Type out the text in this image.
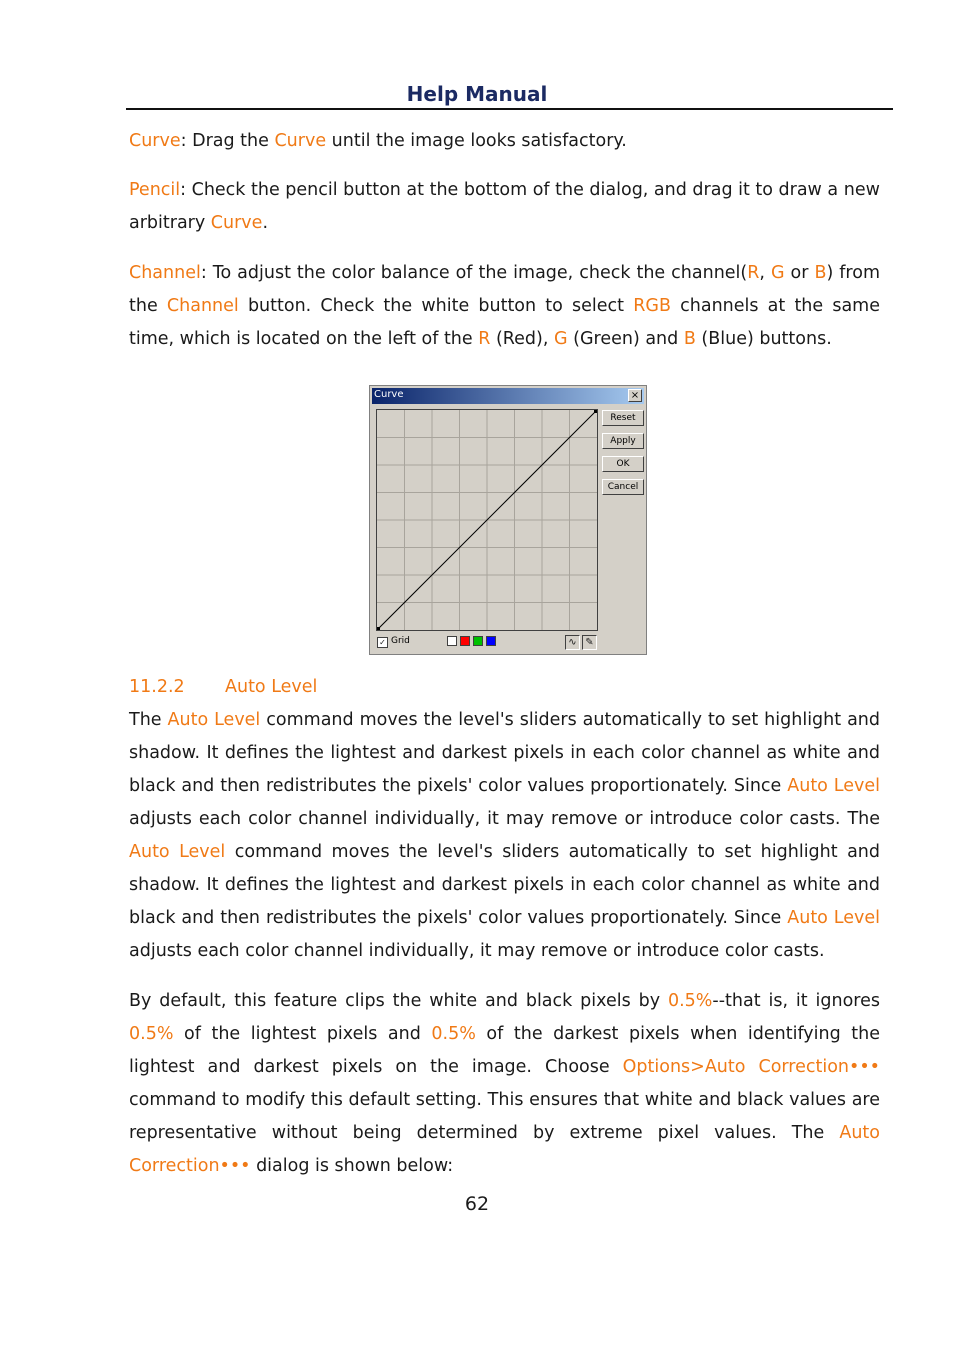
Help Manual

Curve: Drag the Curve until the image looks satisfactory.

Pencil: Check the pencil button at the bottom of the dialog, and drag it to draw a new arbitrary Curve.

Channel: To adjust the color balance of the image, check the channel(R, G or B) from the Channel button. Check the white button to select RGB channels at the same time, which is located on the left of the R (Red), G (Green) and B (Blue) buttons.

Curve	×
Reset
Apply
OK
Cancel
✓ Grid	∿ ✎
11.2.2 Auto Level

The Auto Level command moves the level's sliders automatically to set highlight and shadow. It defines the lightest and darkest pixels in each color channel as white and black and then redistributes the pixels' color values proportionately. Since Auto Level adjusts each color channel individually, it may remove or introduce color casts. The Auto Level command moves the level's sliders automatically to set highlight and shadow. It defines the lightest and darkest pixels in each color channel as white and black and then redistributes the pixels' color values proportionately. Since Auto Level adjusts each color channel individually, it may remove or introduce color casts.

By default, this feature clips the white and black pixels by 0.5%--that is, it ignores 0.5% of the lightest pixels and 0.5% of the darkest pixels when identifying the lightest and darkest pixels on the image. Choose Options>Auto Correction••• command to modify this default setting. This ensures that white and black values are representative without being determined by extreme pixel values. The Auto Correction••• dialog is shown below:

62
